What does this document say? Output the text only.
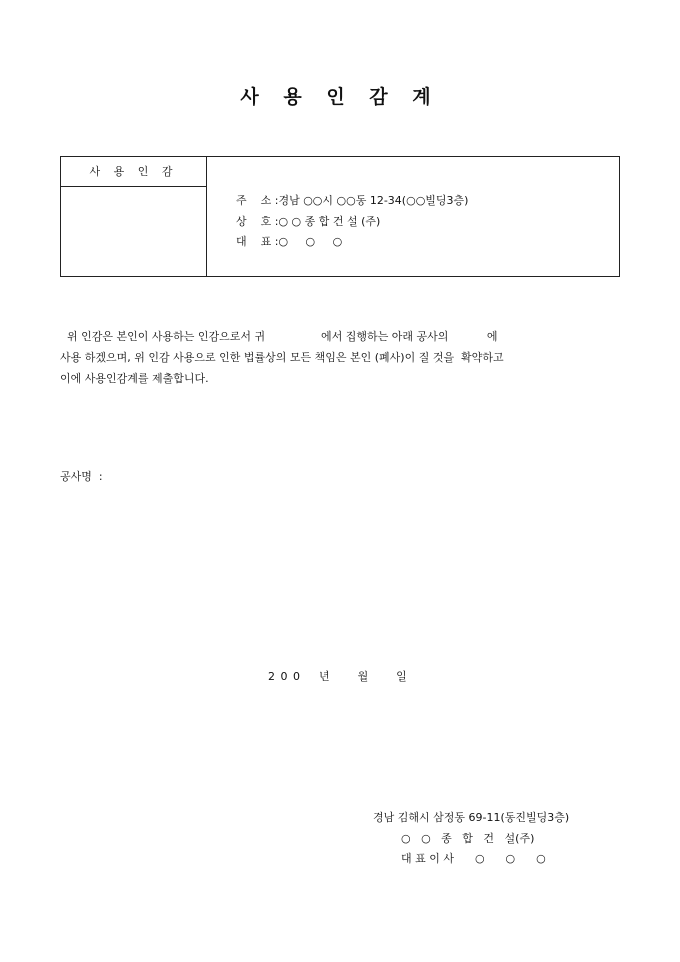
사 용 인 감 계
사 용 인 감
주    소 :경남 ○○시 ○○동 12-34(○○빌딩3층)
상    호 :○ ○ 종 합 건 설 (주)
대    표 :○     ○     ○
위 인감은 본인이 사용하는 인감으로서 귀                에서 집행하는 아래 공사의           에
사용 하겠으며, 위 인감 사용으로 인한 법률상의 모든 책임은 본인 (폐사)이 질 것을  확약하고
이에 사용인감계를 제출합니다.
공사명  :
2 0 0    년      월      일
경남 김해시 삼정동 69-11(동진빌딩3층)
○   ○   종   합   건   설(주)
대 표 이 사      ○      ○      ○
